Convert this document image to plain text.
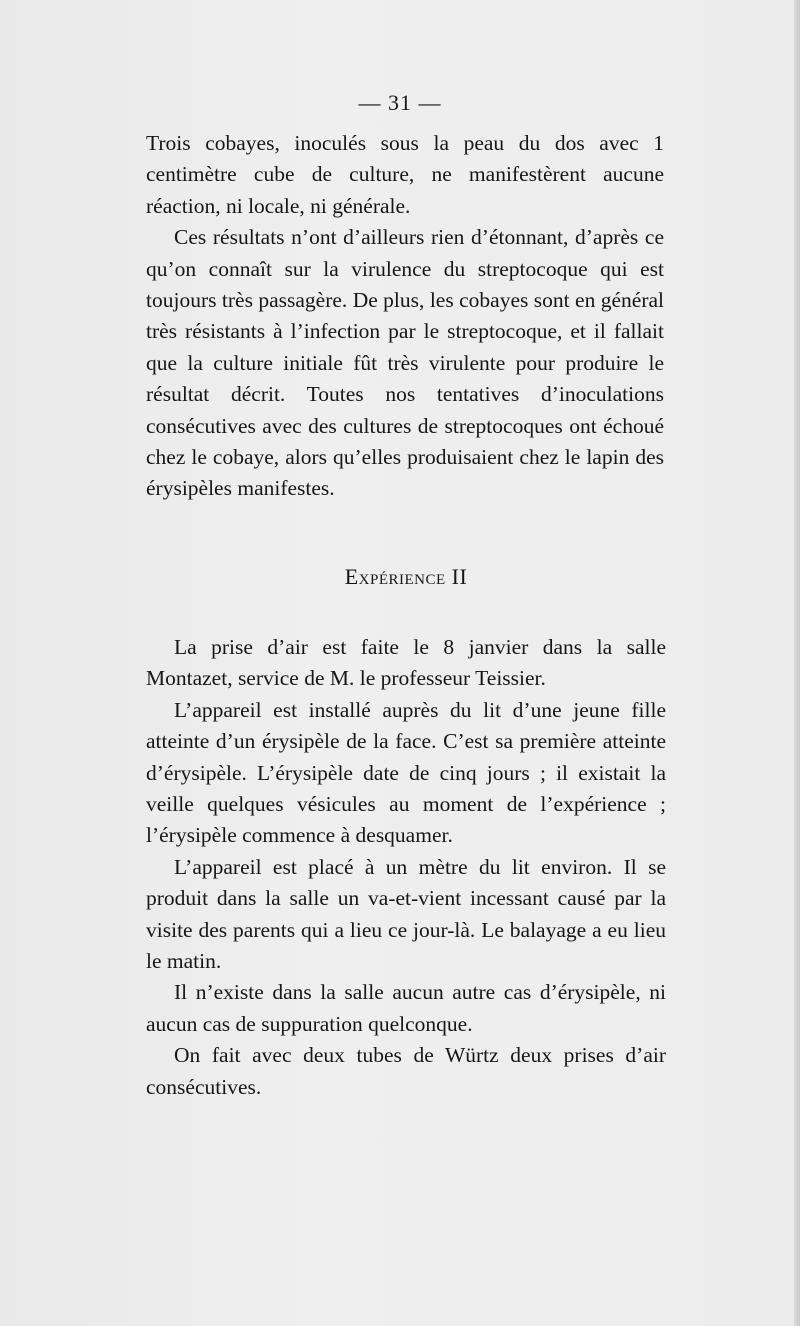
— 31 —

Trois cobayes, inoculés sous la peau du dos avec 1 centimètre cube de culture, ne manifestèrent aucune réaction, ni locale, ni générale.

Ces résultats n’ont d’ailleurs rien d’étonnant, d’après ce qu’on connaît sur la virulence du streptocoque qui est toujours très passagère. De plus, les cobayes sont en général très résistants à l’infection par le streptocoque, et il fallait que la culture initiale fût très virulente pour produire le résultat décrit. Toutes nos tentatives d’inoculations consécutives avec des cultures de streptocoques ont échoué chez le cobaye, alors qu’elles produisaient chez le lapin des érysipèles manifestes.

Expérience II

La prise d’air est faite le 8 janvier dans la salle Montazet, service de M. le professeur Teissier.

L’appareil est installé auprès du lit d’une jeune fille atteinte d’un érysipèle de la face. C’est sa première atteinte d’érysipèle. L’érysipèle date de cinq jours ; il existait la veille quelques vésicules au moment de l’expérience ; l’érysipèle commence à desquamer.

L’appareil est placé à un mètre du lit environ. Il se produit dans la salle un va-et-vient incessant causé par la visite des parents qui a lieu ce jour-là. Le balayage a eu lieu le matin.

Il n’existe dans la salle aucun autre cas d’érysipèle, ni aucun cas de suppuration quelconque.

On fait avec deux tubes de Würtz deux prises d’air consécutives.
